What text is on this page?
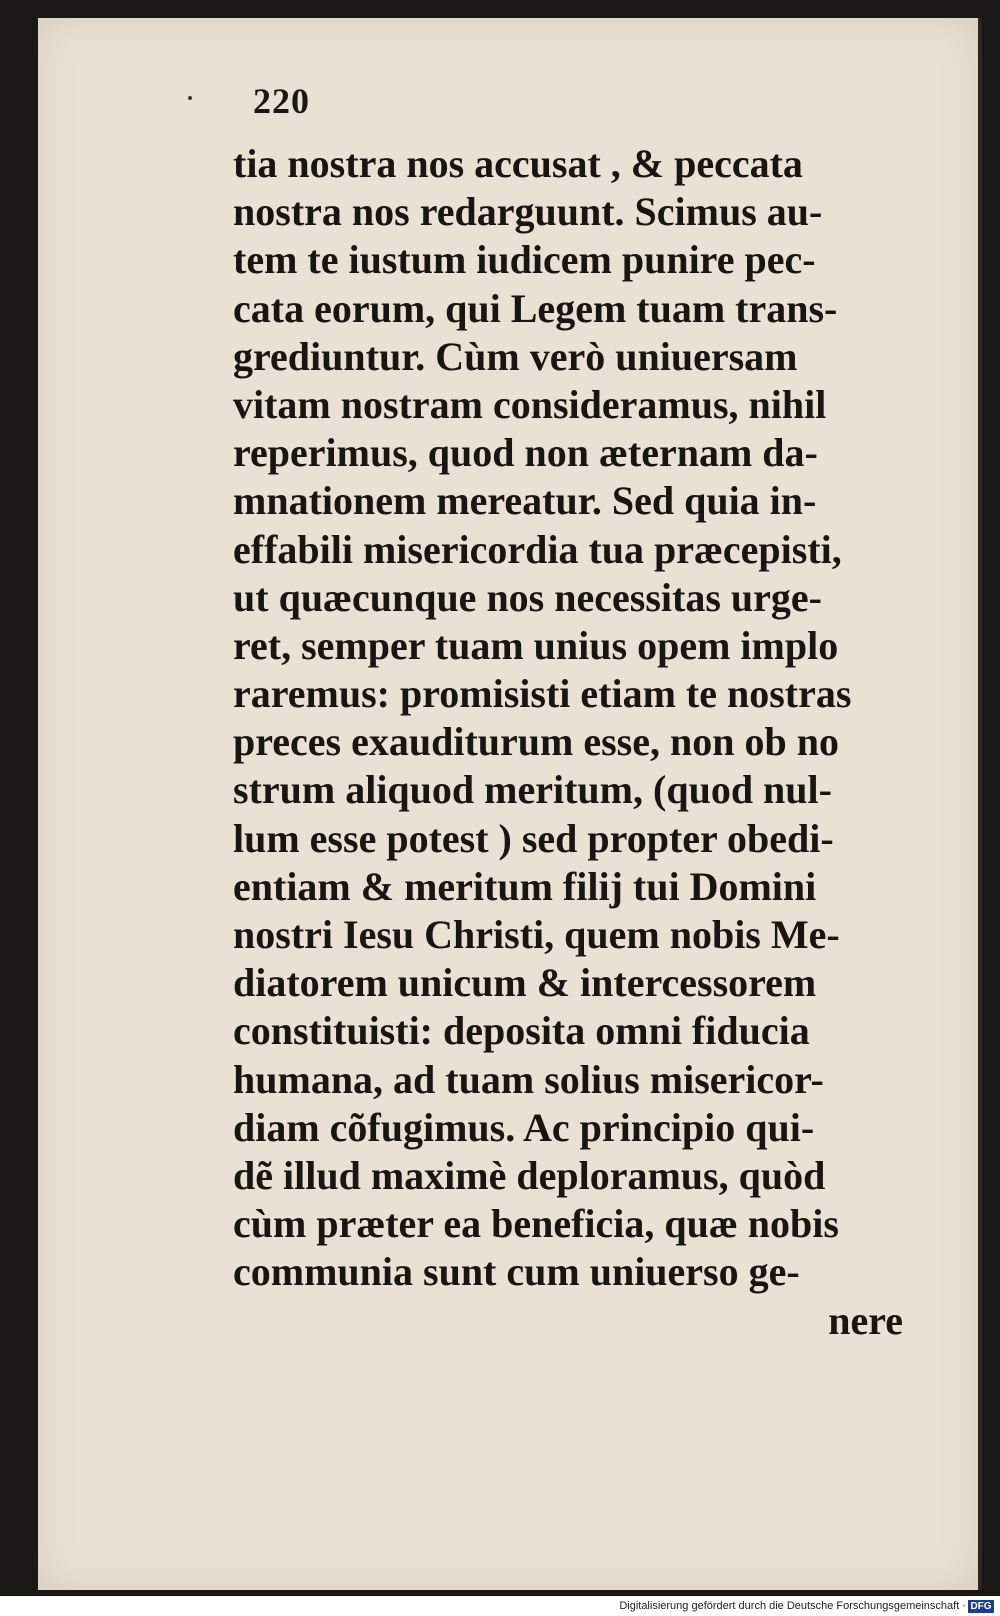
220
tia nostra nos accusat , & peccata
nostra nos redarguunt. Scimus au-
tem te iustum iudicem punire pec-
cata eorum, qui Legem tuam trans-
grediuntur. Cùm verò uniuersam
vitam nostram consideramus, nihil
reperimus, quod non æternam da-
mnationem mereatur. Sed quia in-
effabili misericordia tua præcepisti,
ut quæcunque nos necessitas urge-
ret, semper tuam unius opem implo
raremus: promisisti etiam te nostras
preces exauditurum esse, non ob no
strum aliquod meritum, (quod nul-
lum esse potest ) sed propter obedi-
entiam & meritum filij tui Domini
nostri Iesu Christi, quem nobis Me-
diatorem unicum & intercessorem
constituisti: deposita omni fiducia
humana, ad tuam solius misericor-
diam cõfugimus. Ac principio qui-
dẽ illud maximè deploramus, quòd
cùm præter ea beneficia, quæ nobis
communia sunt cum uniuerso ge-
nere
Digitalisierung gefördert durch die Deutsche Forschungsgemeinschaft · DFG
